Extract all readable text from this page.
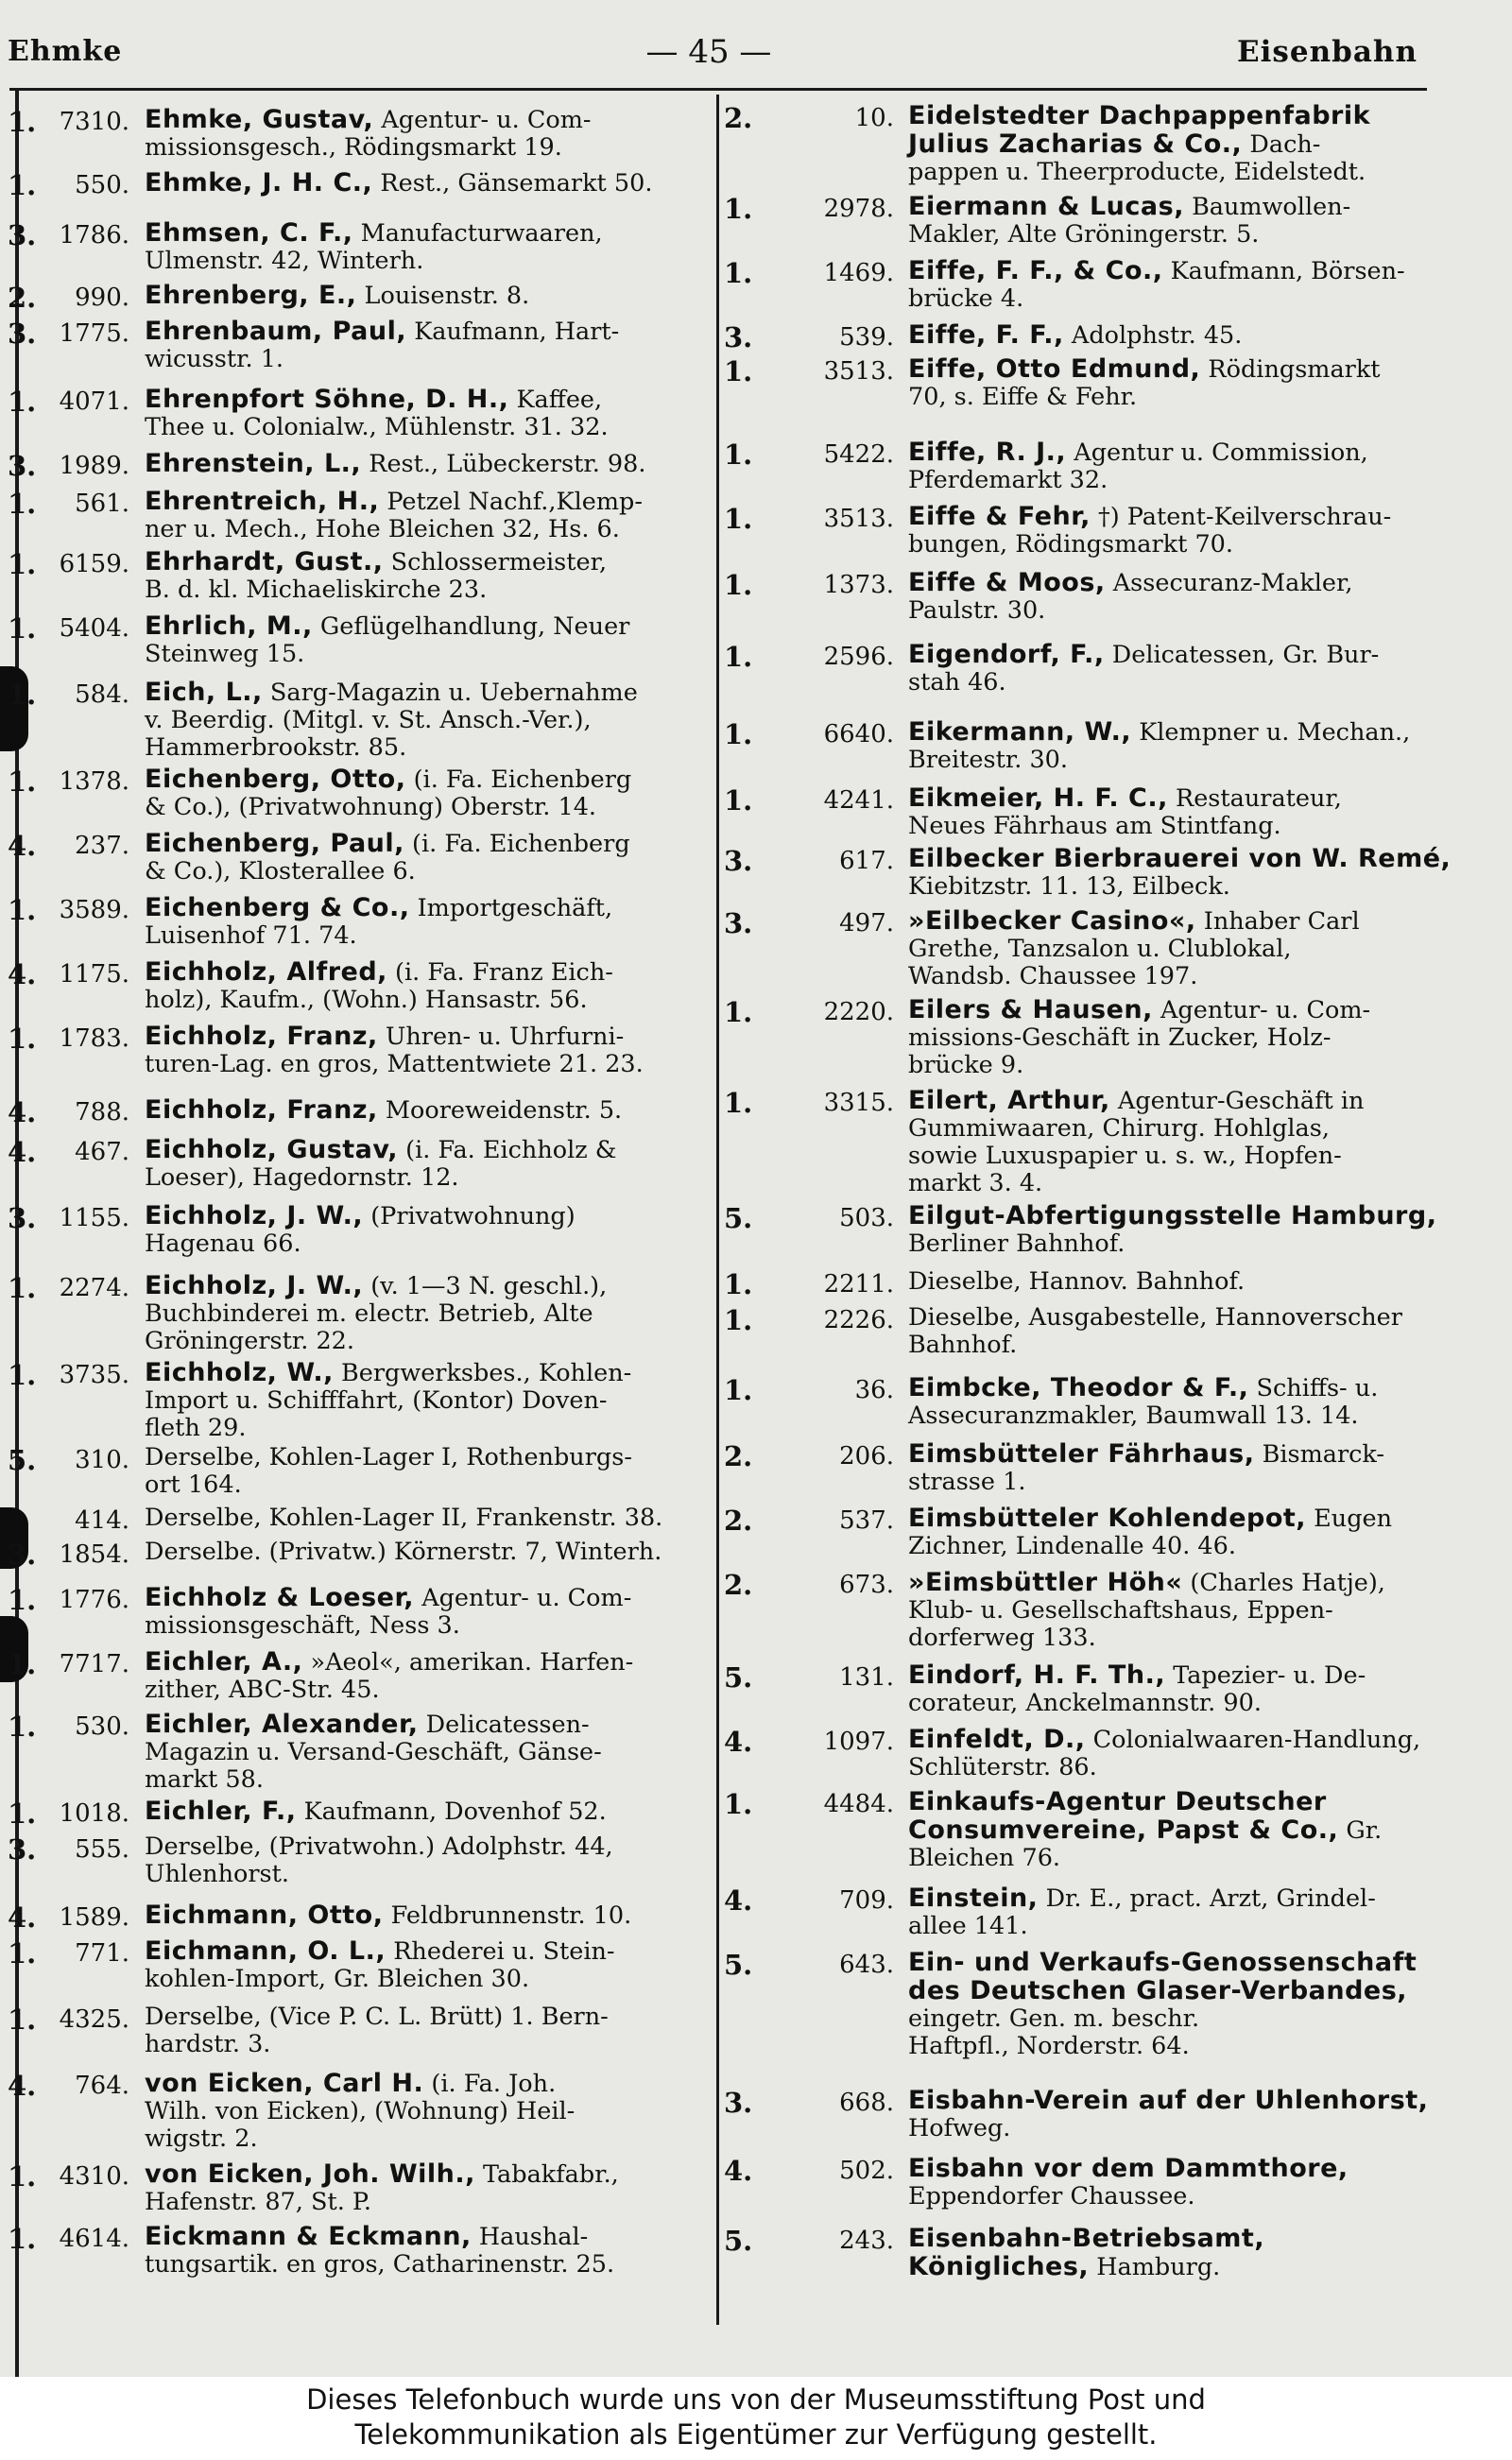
Ehmke	— 45 —	Eisenbahn
1. 7310. Ehmke, Gustav, Agentur- u. Com-
missionsgesch., Rödingsmarkt 19.
1.	550. Ehmke, J. H. C., Rest., Gänsemarkt 50.
3. 1786. Ehmsen, C. F., Manufacturwaaren,
Ulmenstr. 42, Winterh.
2.	990. Ehrenberg, E., Louisenstr. 8.
3. 1775. Ehrenbaum, Paul, Kaufmann, Hart-
wicusstr. 1.
1. 4071. Ehrenpfort Söhne, D. H., Kaffee,
Thee u. Colonialw., Mühlenstr. 31. 32.
3. 1989. Ehrenstein, L., Rest., Lübeckerstr. 98.
1.	561. Ehrentreich, H., Petzel Nachf.,Klemp-
ner u. Mech., Hohe Bleichen 32, Hs. 6.
1. 6159. Ehrhardt, Gust., Schlossermeister,
B. d. kl. Michaeliskirche 23.
1. 5404. Ehrlich, M., Geflügelhandlung, Neuer
Steinweg 15.
1.	584. Eich, L., Sarg-Magazin u. Uebernahme
v. Beerdig. (Mitgl. v. St. Ansch.-Ver.),
Hammerbrookstr. 85.
1. 1378. Eichenberg, Otto, (i. Fa. Eichenberg
& Co.), (Privatwohnung) Oberstr. 14.
4.	237. Eichenberg, Paul, (i. Fa. Eichenberg
& Co.), Klosterallee 6.
1. 3589. Eichenberg & Co., Importgeschäft,
Luisenhof 71. 74.
4. 1175. Eichholz, Alfred, (i. Fa. Franz Eich-
holz), Kaufm., (Wohn.) Hansastr. 56.
1. 1783. Eichholz, Franz, Uhren- u. Uhrfurni-
turen-Lag. en gros, Mattentwiete 21. 23.
4.	788. Eichholz, Franz, Mooreweidenstr. 5.
4.	467. Eichholz, Gustav, (i. Fa. Eichholz &
Loeser), Hagedornstr. 12.
3. 1155. Eichholz, J. W., (Privatwohnung)
Hagenau 66.
1. 2274. Eichholz, J. W., (v. 1—3 N. geschl.),
Buchbinderei m. electr. Betrieb, Alte
Gröningerstr. 22.
1. 3735. Eichholz, W., Bergwerksbes., Kohlen-
Import u. Schifffahrt, (Kontor) Doven-
fleth 29.
5.	310. Derselbe, Kohlen-Lager I, Rothenburgs-
ort 164.
414. Derselbe, Kohlen-Lager II, Frankenstr. 38.
3. 1854. Derselbe. (Privatw.) Körnerstr. 7, Winterh.
1. 1776. Eichholz & Loeser, Agentur- u. Com-
missionsgeschäft, Ness 3.
1. 7717. Eichler, A., »Aeol«, amerikan. Harfen-
zither, ABC-Str. 45.
1.	530. Eichler, Alexander, Delicatessen-
Magazin u. Versand-Geschäft, Gänse-
markt 58.
1. 1018. Eichler, F., Kaufmann, Dovenhof 52.
3.	555. Derselbe, (Privatwohn.) Adolphstr. 44,
Uhlenhorst.
4. 1589. Eichmann, Otto, Feldbrunnenstr. 10.
1.	771. Eichmann, O. L., Rhederei u. Stein-
kohlen-Import, Gr. Bleichen 30.
1. 4325. Derselbe, (Vice P. C. L. Brütt) 1. Bern-
hardstr. 3.
4.	764. von Eicken, Carl H. (i. Fa. Joh.
Wilh. von Eicken), (Wohnung) Heil-
wigstr. 2.
1. 4310. von Eicken, Joh. Wilh., Tabakfabr.,
Hafenstr. 87, St. P.
1. 4614. Eickmann & Eckmann, Haushal-
tungsartik. en gros, Catharinenstr. 25.
2.	10. Eidelstedter Dachpappenfabrik Julius Zacharias & Co., Dach-
pappen u. Theerproducte, Eidelstedt.
1.	2978. Eiermann & Lucas, Baumwollen-
Makler, Alte Gröningerstr. 5.
1.	1469. Eiffe, F. F., & Co., Kaufmann, Börsen-
brücke 4.
3.	539. Eiffe, F. F., Adolphstr. 45.
1.	3513. Eiffe, Otto Edmund, Rödingsmarkt
70, s. Eiffe & Fehr.
1.	5422. Eiffe, R. J., Agentur u. Commission,
Pferdemarkt 32.
1.	3513. Eiffe & Fehr, †) Patent-Keilverschrau-
bungen, Rödingsmarkt 70.
1.	1373. Eiffe & Moos, Assecuranz-Makler,
Paulstr. 30.
1.	2596. Eigendorf, F., Delicatessen, Gr. Bur-
stah 46.
1.	6640. Eikermann, W., Klempner u. Mechan.,
Breitestr. 30.
1.	4241. Eikmeier, H. F. C., Restaurateur,
Neues Fährhaus am Stintfang.
3.	617. Eilbecker Bierbrauerei von W. Remé, Kiebitzstr. 11. 13, Eilbeck.
3.	497. »Eilbecker Casino«, Inhaber Carl
Grethe, Tanzsalon u. Clublokal,
Wandsb. Chaussee 197.
1.	2220. Eilers & Hausen, Agentur- u. Com-
missions-Geschäft in Zucker, Holz-
brücke 9.
1.	3315. Eilert, Arthur, Agentur-Geschäft in
Gummiwaaren, Chirurg. Hohlglas,
sowie Luxuspapier u. s. w., Hopfen-
markt 3. 4.
5.	503. Eilgut-Abfertigungsstelle Hamburg, Berliner Bahnhof.
1.	2211. Dieselbe, Hannov. Bahnhof.
1.	2226. Dieselbe, Ausgabestelle, Hannoverscher
Bahnhof.
1.	36. Eimbcke, Theodor & F., Schiffs- u.
Assecuranzmakler, Baumwall 13. 14.
2.	206. Eimsbütteler Fährhaus, Bismarck-
strasse 1.
2.	537. Eimsbütteler Kohlendepot, Eugen
Zichner, Lindenalle 40. 46.
2.	673. »Eimsbüttler Höh« (Charles Hatje),
Klub- u. Gesellschaftshaus, Eppen-
dorferweg 133.
5.	131. Eindorf, H. F. Th., Tapezier- u. De-
corateur, Anckelmannstr. 90.
4.	1097. Einfeldt, D., Colonialwaaren-Handlung,
Schlüterstr. 86.
1.	4484. Einkaufs-Agentur Deutscher Consumvereine, Papst & Co., Gr. Bleichen 76.
4.	709. Einstein, Dr. E., pract. Arzt, Grindel-
allee 141.
5.	643. Ein- und Verkaufs-Genossenschaft des Deutschen Glaser-Verbandes, eingetr. Gen. m. beschr.
Haftpfl., Norderstr. 64.
3.	668. Eisbahn-Verein auf der Uhlenhorst, Hofweg.
4.	502. Eisbahn vor dem Dammthore, Eppendorfer Chaussee.
5.	243. Eisenbahn-Betriebsamt, Königliches, Hamburg.
Dieses Telefonbuch wurde uns von der Museumsstiftung Post und
Telekommunikation als Eigentümer zur Verfügung gestellt.
